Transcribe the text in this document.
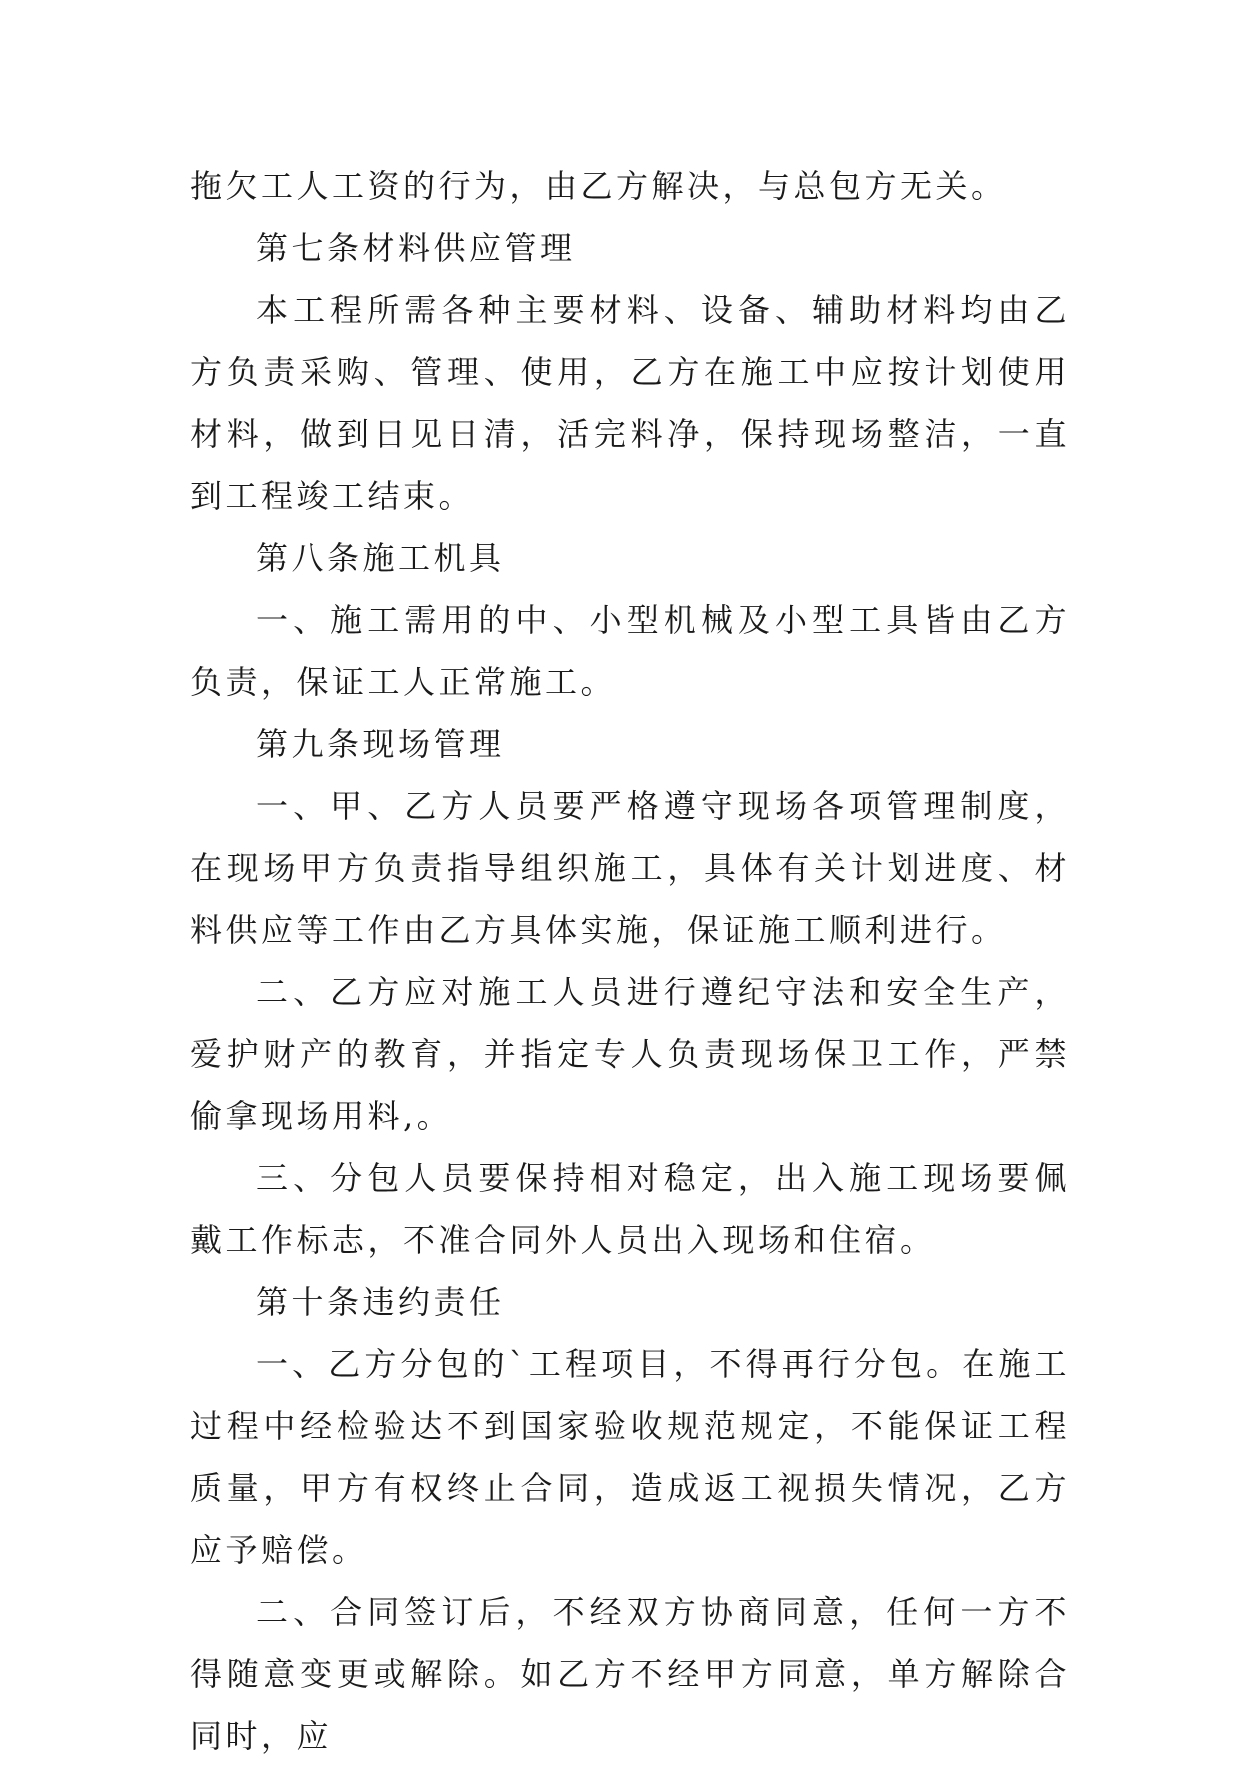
拖欠工人工资的行为，由乙方解决，与总包方无关。

第七条材料供应管理

本工程所需各种主要材料、设备、辅助材料均由乙方负责采购、管理、使用，乙方在施工中应按计划使用材料，做到日见日清，活完料净，保持现场整洁，一直到工程竣工结束。

第八条施工机具

一、施工需用的中、小型机械及小型工具皆由乙方负责，保证工人正常施工。

第九条现场管理

一、甲、乙方人员要严格遵守现场各项管理制度，在现场甲方负责指导组织施工，具体有关计划进度、材料供应等工作由乙方具体实施，保证施工顺利进行。

二、乙方应对施工人员进行遵纪守法和安全生产，爱护财产的教育，并指定专人负责现场保卫工作，严禁偷拿现场用料,。

三、分包人员要保持相对稳定，出入施工现场要佩戴工作标志，不准合同外人员出入现场和住宿。

第十条违约责任

一、乙方分包的`工程项目，不得再行分包。在施工过程中经检验达不到国家验收规范规定，不能保证工程质量，甲方有权终止合同，造成返工视损失情况，乙方应予赔偿。

二、合同签订后，不经双方协商同意，任何一方不得随意变更或解除。如乙方不经甲方同意，单方解除合同时，应
